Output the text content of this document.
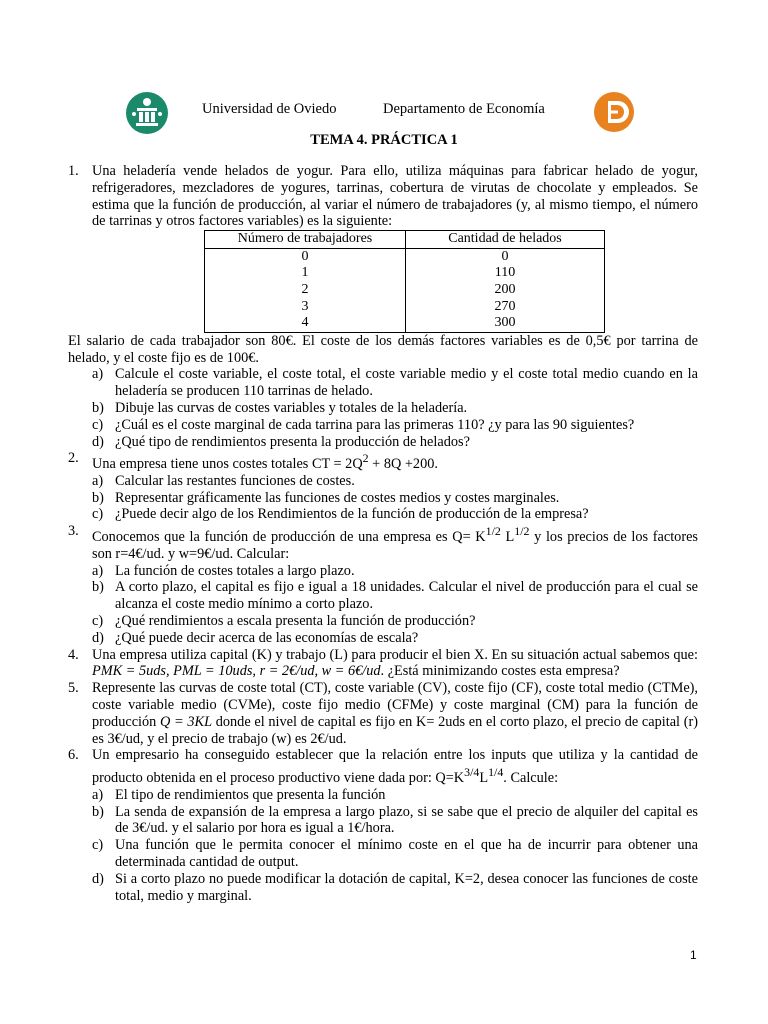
Universidad de Oviedo	Departamento de Economía
TEMA 4. PRÁCTICA 1
1. Una heladería vende helados de yogur. Para ello, utiliza máquinas para fabricar helado de yogur, refrigeradores, mezcladores de yogures, tarrinas, cobertura de virutas de chocolate y empleados. Se estima que la función de producción, al variar el número de trabajadores (y, al mismo tiempo, el número de tarrinas y otros factores variables) es la siguiente:
Número de trabajadores	Cantidad de helados
0	0
1	110
2	200
3	270
4	300
El salario de cada trabajador son 80€. El coste de los demás factores variables es de 0,5€ por tarrina de helado, y el coste fijo es de 100€.
a) Calcule el coste variable, el coste total, el coste variable medio y el coste total medio cuando en la heladería se producen 110 tarrinas de helado.
b) Dibuje las curvas de costes variables y totales de la heladería.
c) ¿Cuál es el coste marginal de cada tarrina para las primeras 110? ¿y para las 90 siguientes?
d) ¿Qué tipo de rendimientos presenta la producción de helados?
2. Una empresa tiene unos costes totales CT = $2Q^2 + 8Q +200$.
a) Calcular las restantes funciones de costes.
b) Representar gráficamente las funciones de costes medios y costes marginales.
c) ¿Puede decir algo de los Rendimientos de la función de producción de la empresa?
3. Conocemos que la función de producción de una empresa es $Q= K^{1/2}$ $L^{1/2}$ y los precios de los factores son r=4€/ud. y w=9€/ud. Calcular:
a) La función de costes totales a largo plazo.
b) A corto plazo, el capital es fijo e igual a 18 unidades. Calcular el nivel de producción para el cual se alcanza el coste medio mínimo a corto plazo.
c) ¿Qué rendimientos a escala presenta la función de producción?
d) ¿Qué puede decir acerca de las economías de escala?
4. Una empresa utiliza capital (K) y trabajo (L) para producir el bien X. En su situación actual sabemos que: PMK = 5uds, PML = 10uds, r = 2€/ud, w = 6€/ud. ¿Está minimizando costes esta empresa?
5. Represente las curvas de coste total (CT), coste variable (CV), coste fijo (CF), coste total medio (CTMe), coste variable medio (CVMe), coste fijo medio (CFMe) y coste marginal (CM) para la función de producción Q = 3KL donde el nivel de capital es fijo en K= 2uds en el corto plazo, el precio de capital (r) es 3€/ud, y el precio de trabajo (w) es 2€/ud.
6. Un empresario ha conseguido establecer que la relación entre los inputs que utiliza y la cantidad de producto obtenida en el proceso productivo viene dada por: $Q=K^{3/4}L^{1/4}$. Calcule:
a) El tipo de rendimientos que presenta la función
b) La senda de expansión de la empresa a largo plazo, si se sabe que el precio de alquiler del capital es de 3€/ud. y el salario por hora es igual a 1€/hora.
c) Una función que le permita conocer el mínimo coste en el que ha de incurrir para obtener una determinada cantidad de output.
d) Si a corto plazo no puede modificar la dotación de capital, K=2, desea conocer las funciones de coste total, medio y marginal.
1
